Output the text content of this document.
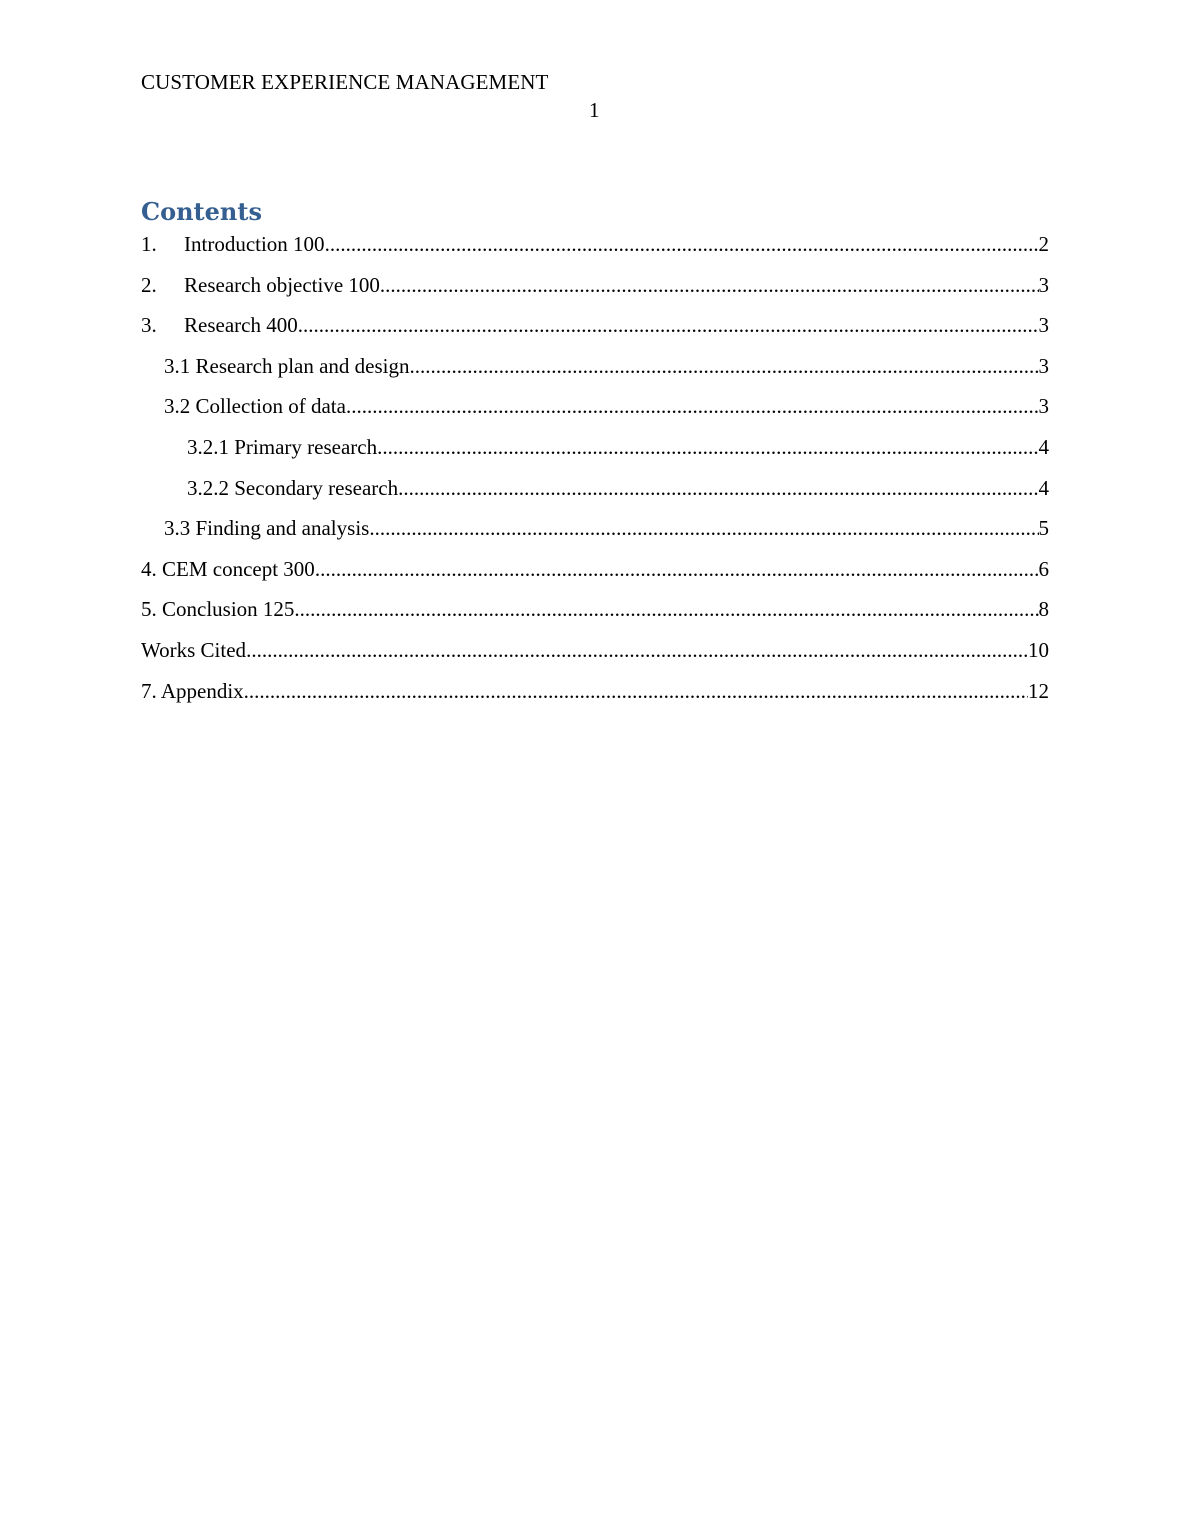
CUSTOMER EXPERIENCE MANAGEMENT
1
Contents
1.	Introduction 100 .....	2
2.	Research objective 100 .....	3
3.	Research 400 .....	3
3.1 Research plan and design .....	3
3.2 Collection of data .....	3
3.2.1 Primary research .....	4
3.2.2 Secondary research .....	4
3.3 Finding and analysis .....	5
4. CEM concept 300 .....	6
5. Conclusion 125 .....	8
Works Cited .....	10
7. Appendix .....	12
